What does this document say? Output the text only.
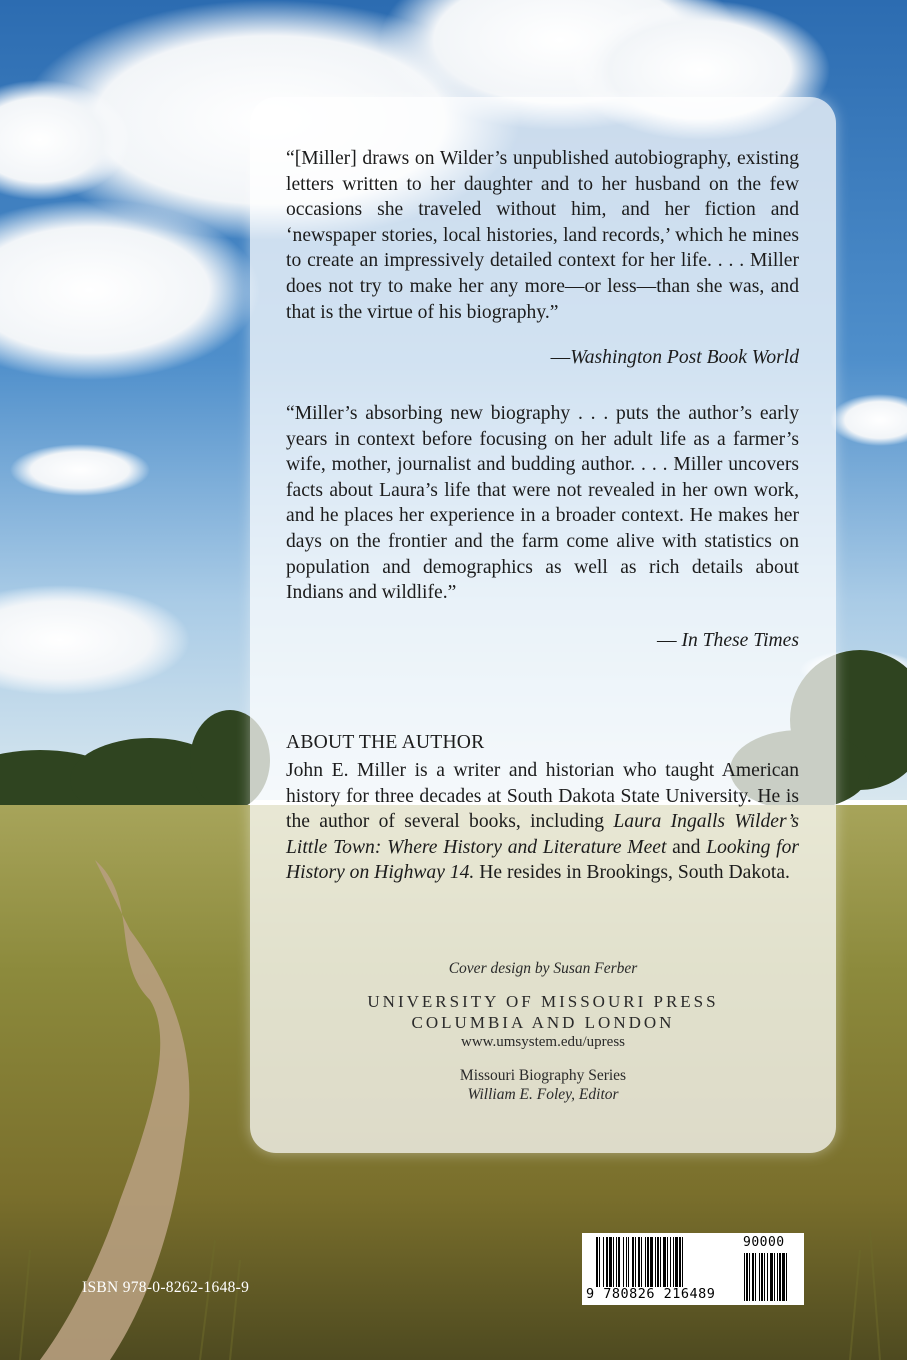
“[Miller] draws on Wilder’s unpublished autobiography, existing letters written to her daughter and to her husband on the few occasions she traveled without him, and her fiction and ‘newspaper stories, local histories, land records,’ which he mines to create an impressively detailed context for her life. . . . Miller does not try to make her any more—or less—than she was, and that is the virtue of his biography.”
—Washington Post Book World
“Miller’s absorbing new biography . . . puts the author’s early years in context before focusing on her adult life as a farmer’s wife, mother, journalist and budding author. . . . Miller uncovers facts about Laura’s life that were not revealed in her own work, and he places her experience in a broader context. He makes her days on the frontier and the farm come alive with statistics on population and demographics as well as rich details about Indians and wildlife.”
— In These Times
ABOUT THE AUTHOR
John E. Miller is a writer and historian who taught American history for three decades at South Dakota State University. He is the author of several books, including Laura Ingalls Wilder’s Little Town: Where History and Literature Meet and Looking for History on Highway 14. He resides in Brookings, South Dakota.
Cover design by Susan Ferber
UNIVERSITY OF MISSOURI PRESS
COLUMBIA AND LONDON
www.umsystem.edu/upress
Missouri Biography Series
William E. Foley, Editor
ISBN 978-0-8262-1648-9	9 780826 216489
90000
